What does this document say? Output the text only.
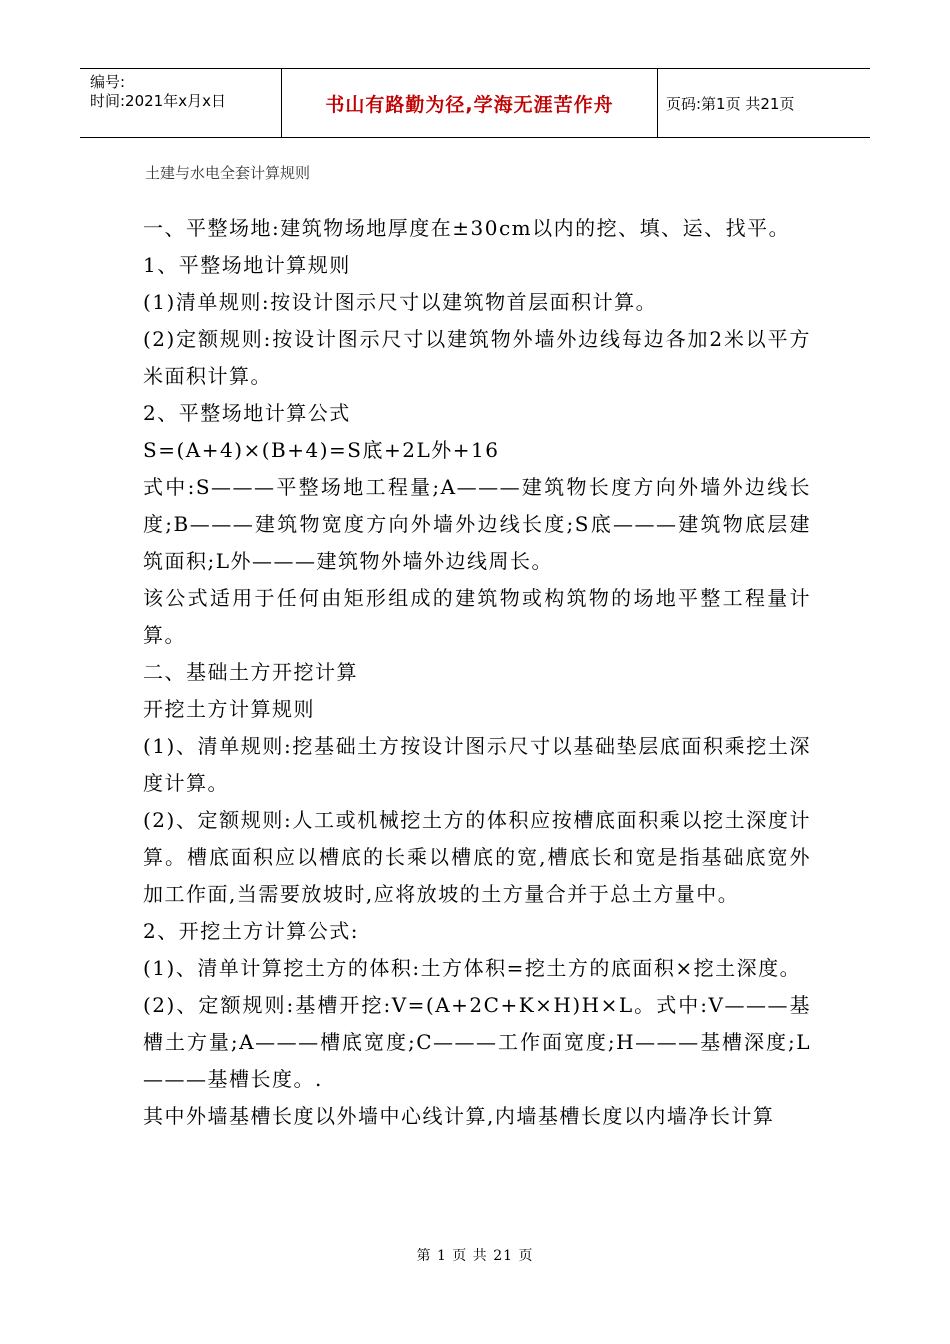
编号:
时间:2021年x月x日	书山有路勤为径,学海无涯苦作舟	页码:第1页 共21页
土建与水电全套计算规则

一、平整场地:建筑物场地厚度在±30cm以内的挖、填、运、找平。

1、平整场地计算规则

(1)清单规则:按设计图示尺寸以建筑物首层面积计算。

(2)定额规则:按设计图示尺寸以建筑物外墙外边线每边各加2米以平方米面积计算。

2、平整场地计算公式

S=(A+4)×(B+4)=S底+2L外+16

式中:S———平整场地工程量;A———建筑物长度方向外墙外边线长度;B———建筑物宽度方向外墙外边线长度;S底———建筑物底层建筑面积;L外———建筑物外墙外边线周长。

该公式适用于任何由矩形组成的建筑物或构筑物的场地平整工程量计算。

二、基础土方开挖计算

开挖土方计算规则

(1)、清单规则:挖基础土方按设计图示尺寸以基础垫层底面积乘挖土深度计算。

(2)、定额规则:人工或机械挖土方的体积应按槽底面积乘以挖土深度计算。槽底面积应以槽底的长乘以槽底的宽,槽底长和宽是指基础底宽外加工作面,当需要放坡时,应将放坡的土方量合并于总土方量中。

2、开挖土方计算公式:

(1)、清单计算挖土方的体积:土方体积=挖土方的底面积×挖土深度。

(2)、定额规则:基槽开挖:V=(A+2C+K×H)H×L。式中:V———基槽土方量;A———槽底宽度;C———工作面宽度;H———基槽深度;L———基槽长度。.

其中外墙基槽长度以外墙中心线计算,内墙基槽长度以内墙净长计算

第 1 页 共 21 页
